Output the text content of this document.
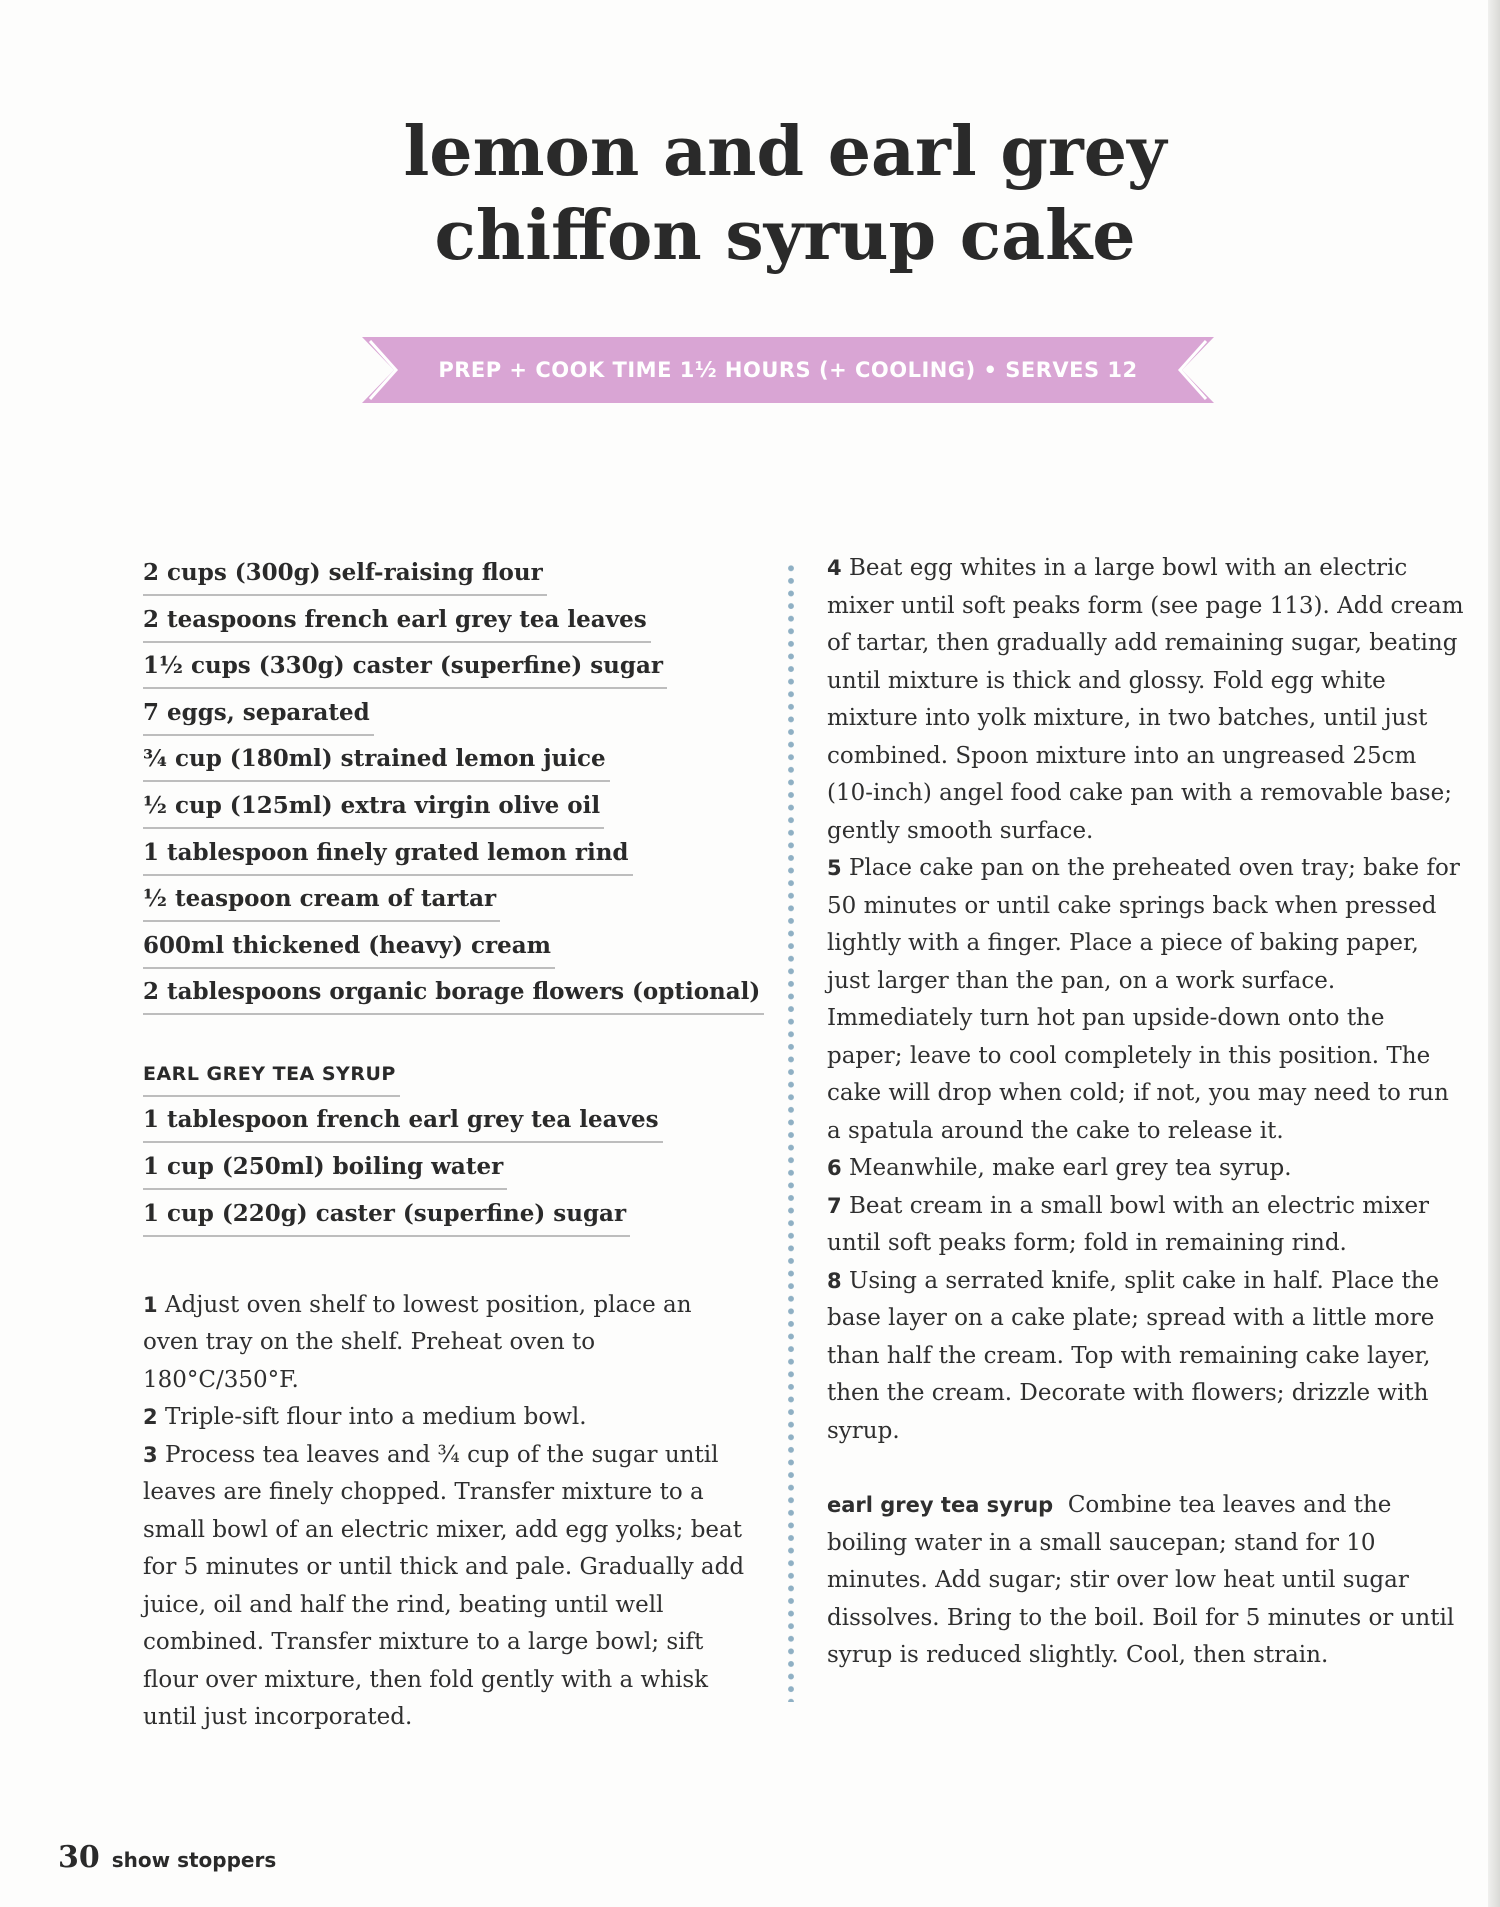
lemon and earl grey
chiffon syrup cake
PREP + COOK TIME 1½ HOURS (+ COOLING) • SERVES 12
2 cups (300g) self-raising flour
2 teaspoons french earl grey tea leaves
1½ cups (330g) caster (superfine) sugar
7 eggs, separated
¾ cup (180ml) strained lemon juice
½ cup (125ml) extra virgin olive oil
1 tablespoon finely grated lemon rind
½ teaspoon cream of tartar
600ml thickened (heavy) cream
2 tablespoons organic borage flowers (optional)
EARL GREY TEA SYRUP
1 tablespoon french earl grey tea leaves
1 cup (250ml) boiling water
1 cup (220g) caster (superfine) sugar

1 Adjust oven shelf to lowest position, place an oven tray on the shelf. Preheat oven to 180°C/350°F.

2 Triple-sift flour into a medium bowl.

3 Process tea leaves and ¾ cup of the sugar until leaves are finely chopped. Transfer mixture to a small bowl of an electric mixer, add egg yolks; beat for 5 minutes or until thick and pale. Gradually add juice, oil and half the rind, beating until well combined. Transfer mixture to a large bowl; sift flour over mixture, then fold gently with a whisk until just incorporated.

4 Beat egg whites in a large bowl with an electric mixer until soft peaks form (see page 113). Add cream of tartar, then gradually add remaining sugar, beating until mixture is thick and glossy. Fold egg white mixture into yolk mixture, in two batches, until just combined. Spoon mixture into an ungreased 25cm (10-inch) angel food cake pan with a removable base; gently smooth surface.

5 Place cake pan on the preheated oven tray; bake for 50 minutes or until cake springs back when pressed lightly with a finger. Place a piece of baking paper, just larger than the pan, on a work surface. Immediately turn hot pan upside-down onto the paper; leave to cool completely in this position. The cake will drop when cold; if not, you may need to run a spatula around the cake to release it.

6 Meanwhile, make earl grey tea syrup.

7 Beat cream in a small bowl with an electric mixer until soft peaks form; fold in remaining rind.

8 Using a serrated knife, split cake in half. Place the base layer on a cake plate; spread with a little more than half the cream. Top with remaining cake layer, then the cream. Decorate with flowers; drizzle with syrup.

earl grey tea syrup Combine tea leaves and the boiling water in a small saucepan; stand for 10 minutes. Add sugar; stir over low heat until sugar dissolves. Bring to the boil. Boil for 5 minutes or until syrup is reduced slightly. Cool, then strain.

30 show stoppers
